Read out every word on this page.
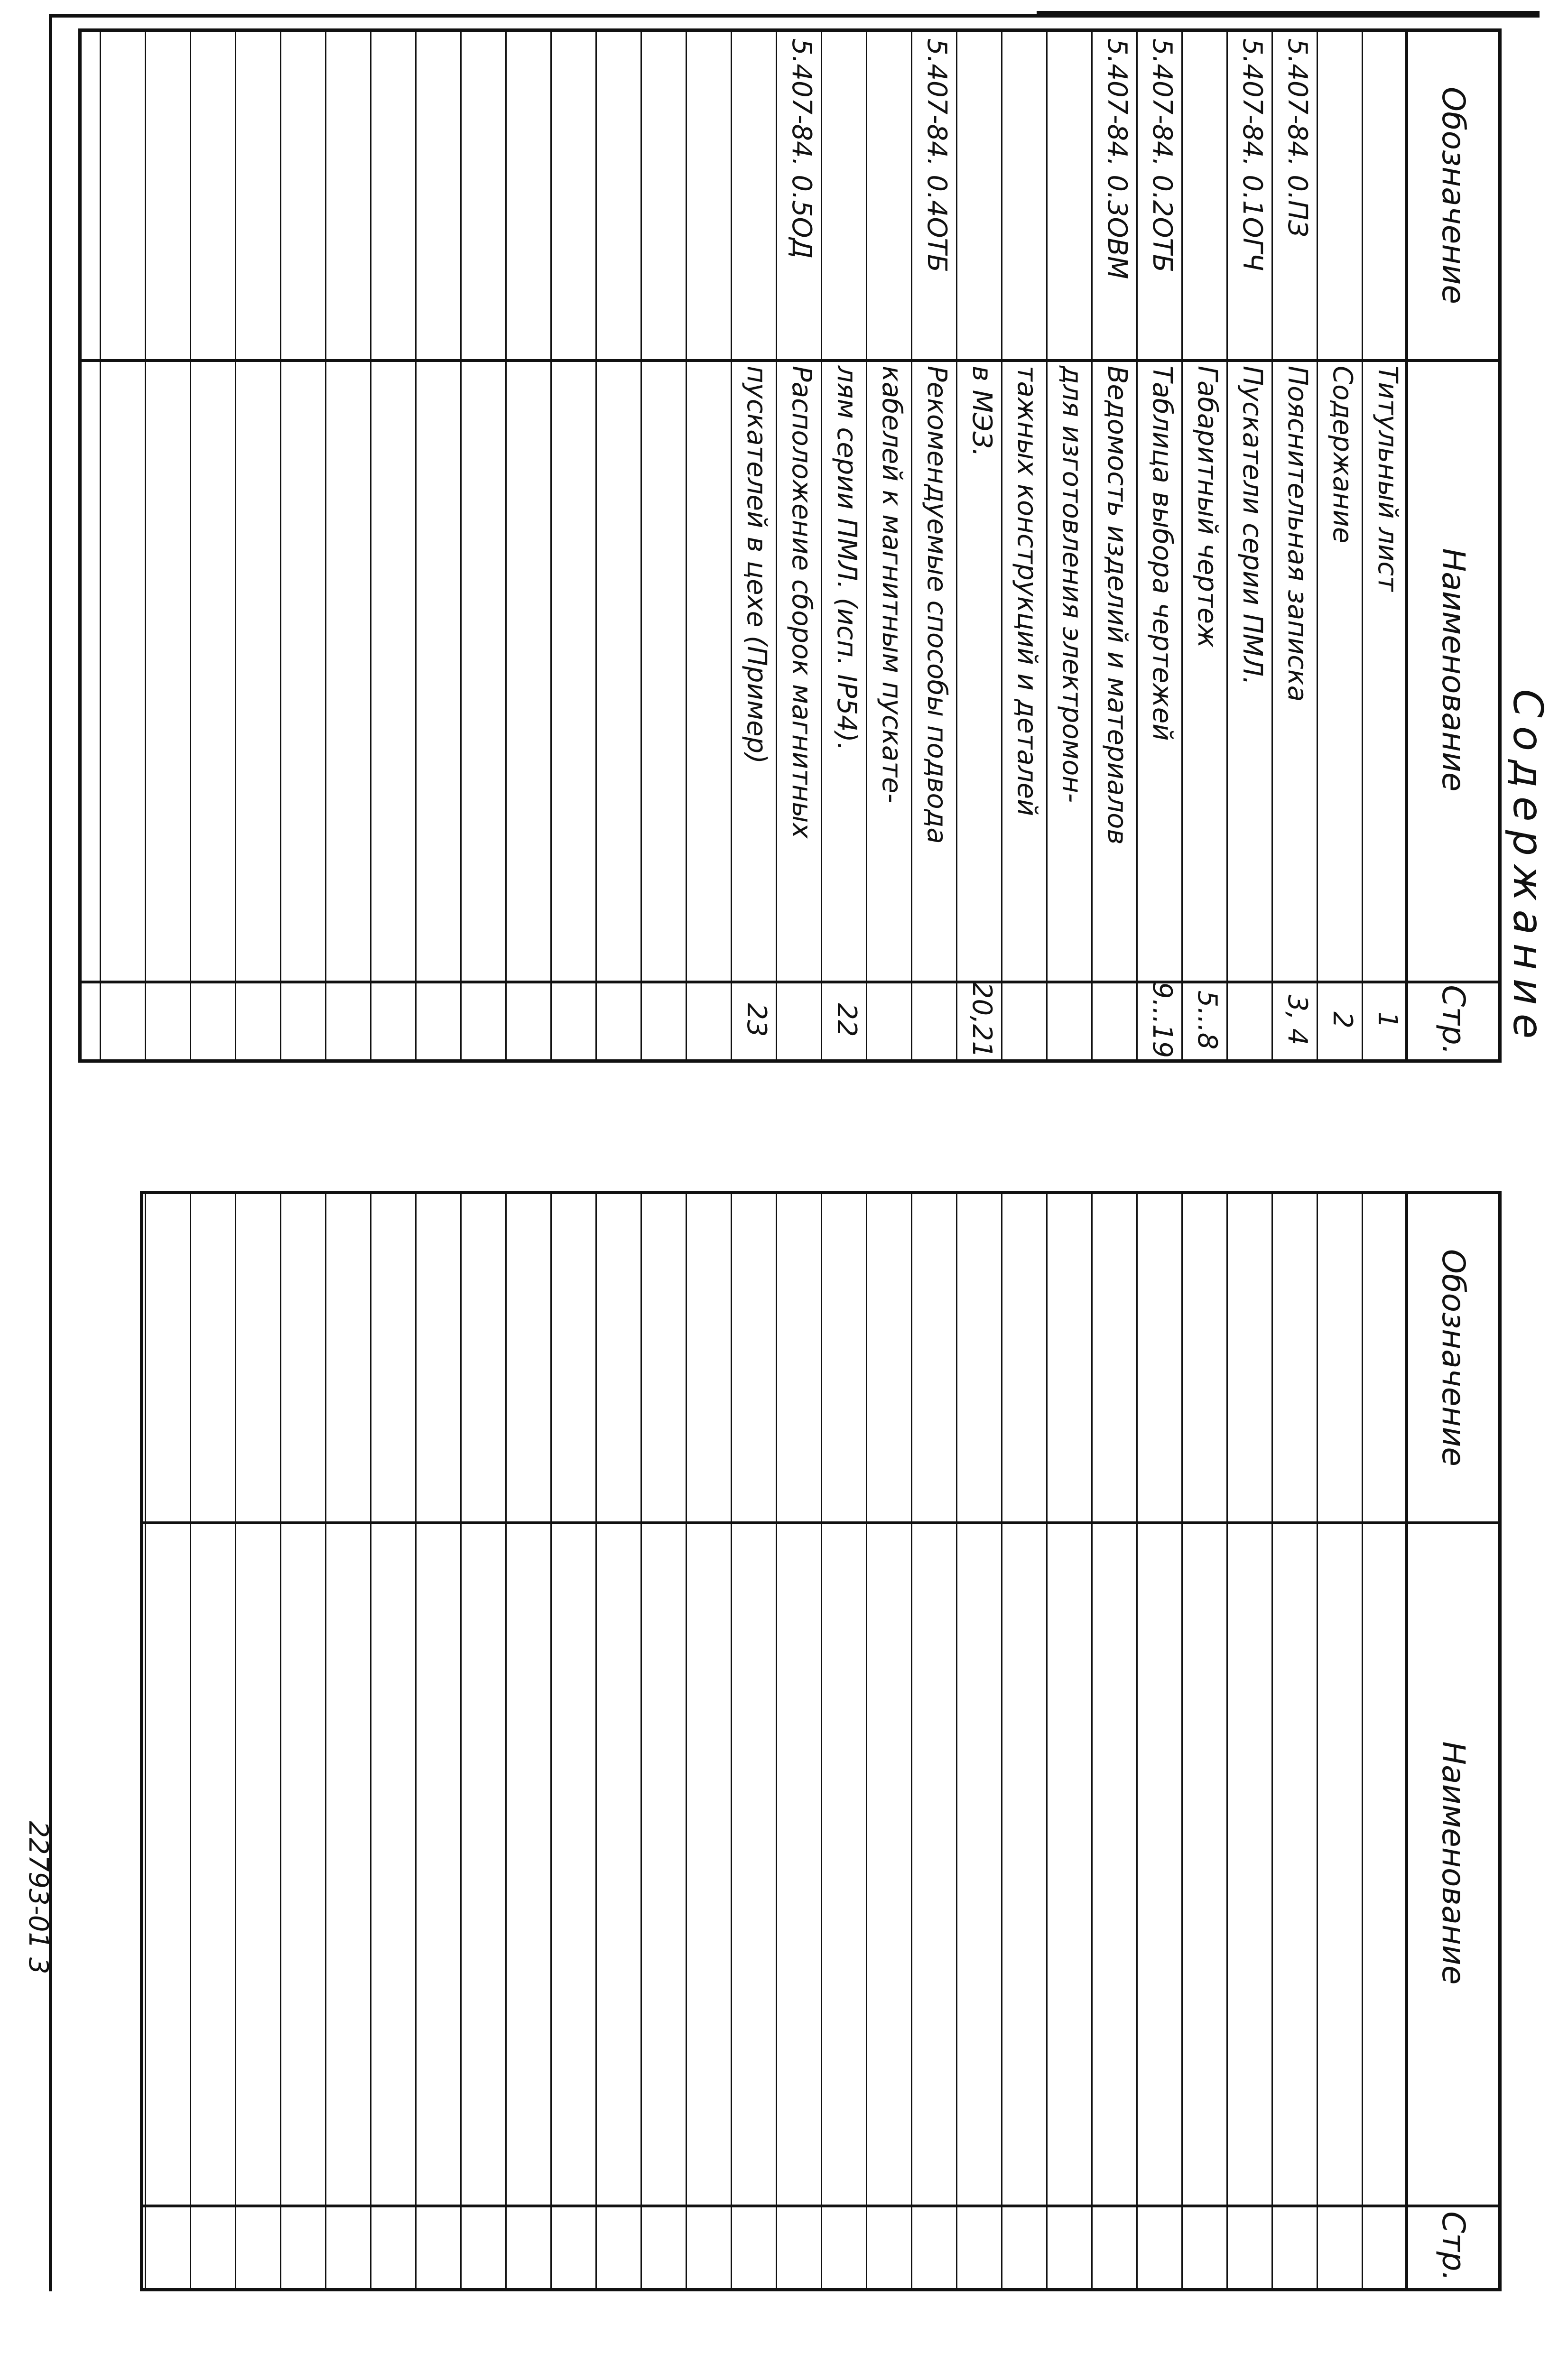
Содержание
Обозначение
Наименование
Стр.
Титульный лист
1
Содержание
2
5.407-84. 0.ПЗ
Пояснительная записка
3, 4
5.407-84. 0.1ОГЧ
Пускатели серии ПМЛ.
Габаритный чертеж
5...8
5.407-84. 0.2ОТБ
Таблица выбора чертежей
9...19
5.407-84. 0.3ОВМ
Ведомость изделий и материалов
для изготовления электромон-
тажных конструкций и деталей
в МЭЗ.
20,21
5.407-84. 0.4ОТБ
Рекомендуемые способы подвода
кабелей к магнитным пускате-
лям серии ПМЛ. (исп. IP54).
22
5.407-84. 0.5ОД
Расположение сборок магнитных
пускателей в цехе (Пример)
23
Обозначение
Наименование
Стр.
22793-01 3
